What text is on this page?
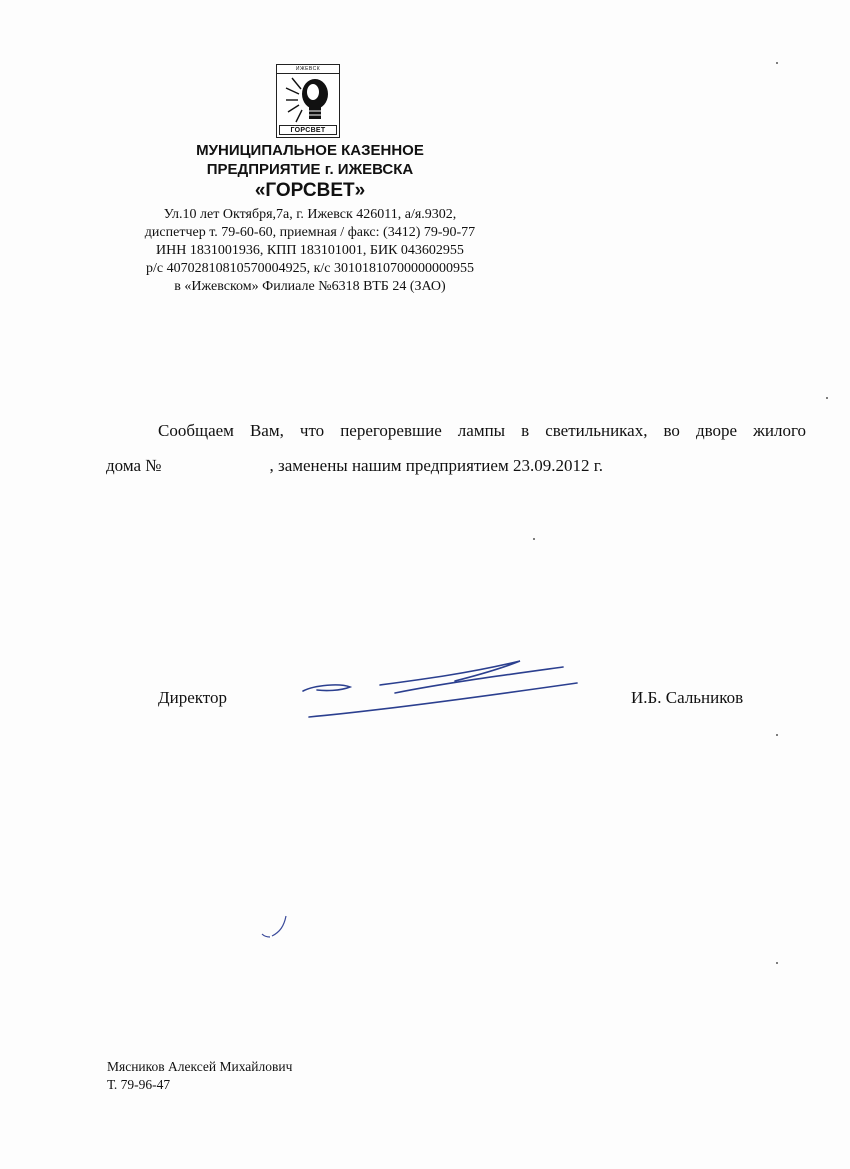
ИЖЕВСК
ГОРСВЕТ
МУНИЦИПАЛЬНОЕ КАЗЕННОЕ
ПРЕДПРИЯТИЕ г. ИЖЕВСКА
«ГОРСВЕТ»
Ул.10 лет Октября,7а, г. Ижевск 426011, а/я.9302,
диспетчер т. 79-60-60, приемная / факс: (3412) 79-90-77
ИНН 1831001936, КПП 183101001, БИК 043602955
р/с 40702810810570004925, к/с 30101810700000000955
в «Ижевском» Филиале №6318 ВТБ 24 (ЗАО)
Сообщаем Вам, что перегоревшие лампы в светильниках, во дворе жилого
дома №	, заменены нашим предприятием 23.09.2012 г.
Директор	И.Б. Сальников
Мясников Алексей Михайлович
Т. 79-96-47
